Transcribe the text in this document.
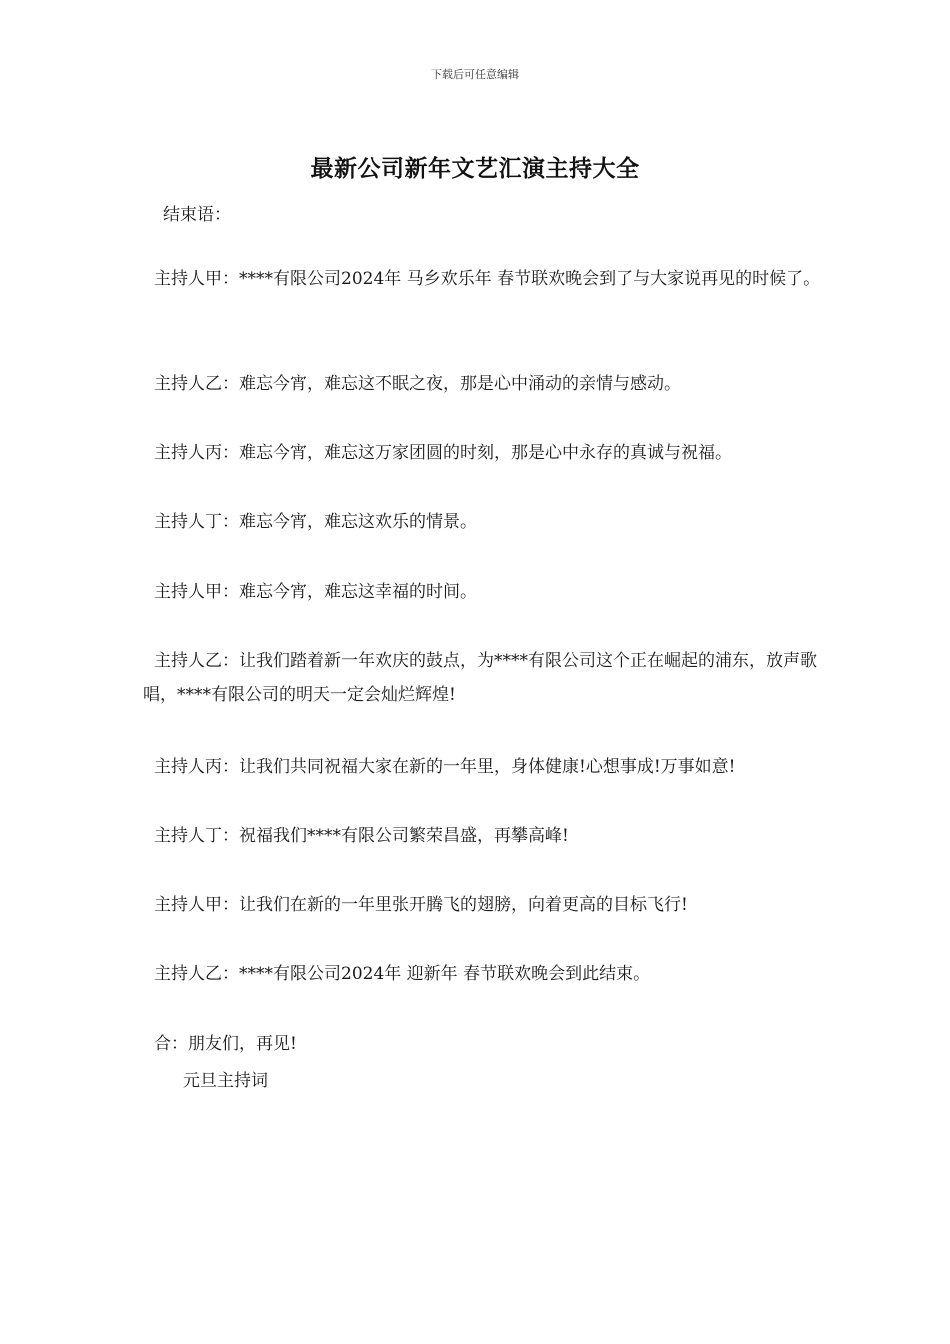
下载后可任意编辑
最新公司新年文艺汇演主持大全
结束语：
主持人甲：****有限公司2024年 马乡欢乐年 春节联欢晚会到了与大家说再见的时候了。
主持人乙：难忘今宵，难忘这不眠之夜，那是心中涌动的亲情与感动。
主持人丙：难忘今宵，难忘这万家团圆的时刻，那是心中永存的真诚与祝福。
主持人丁：难忘今宵，难忘这欢乐的情景。
主持人甲：难忘今宵，难忘这幸福的时间。
主持人乙：让我们踏着新一年欢庆的鼓点，为****有限公司这个正在崛起的浦东，放声歌唱，****有限公司的明天一定会灿烂辉煌!
主持人丙：让我们共同祝福大家在新的一年里，身体健康!心想事成!万事如意!
主持人丁：祝福我们****有限公司繁荣昌盛，再攀高峰!
主持人甲：让我们在新的一年里张开腾飞的翅膀，向着更高的目标飞行!
主持人乙：****有限公司2024年 迎新年 春节联欢晚会到此结束。
合：朋友们，再见!
元旦主持词
